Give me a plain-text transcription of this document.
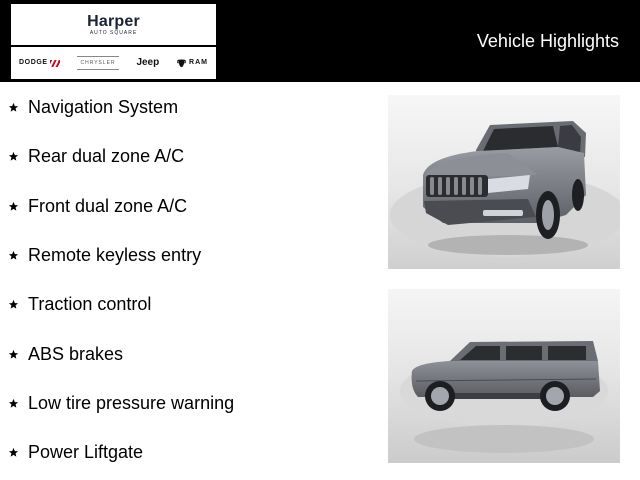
Harper
AUTO SQUARE
DODGE	CHRYSLER	Jeep	RAM
Vehicle Highlights
Navigation System
Rear dual zone A/C
Front dual zone A/C
Remote keyless entry
Traction control
ABS brakes
Low tire pressure warning
Power Liftgate
